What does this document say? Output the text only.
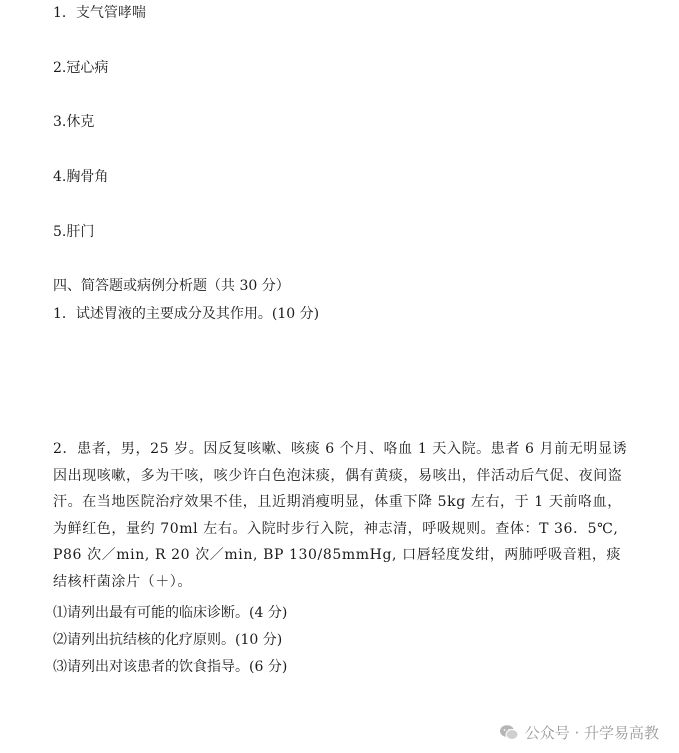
1．支气管哮喘
2.冠心病
3.休克
4.胸骨角
5.肝门
四、简答题或病例分析题（共 30 分）
1．试述胃液的主要成分及其作用。(10 分)
2．患者，男，25 岁。因反复咳嗽、咳痰 6 个月、咯血 1 天入院。患者 6 月前无明显诱因出现咳嗽，多为干咳，咳少许白色泡沫痰，偶有黄痰，易咳出，伴活动后气促、夜间盗汗。在当地医院治疗效果不佳，且近期消瘦明显，体重下降 5kg 左右，于 1 天前咯血，为鲜红色，量约 70ml 左右。入院时步行入院，神志清，呼吸规则。查体：T 36．5℃, P86 次／min, R 20 次／min, BP 130/85mmHg, 口唇轻度发绀，两肺呼吸音粗，痰结核杆菌涂片（＋）。
⑴请列出最有可能的临床诊断。(4 分)
⑵请列出抗结核的化疗原则。(10 分)
⑶请列出对该患者的饮食指导。(6 分)
公众号 · 升学易高教
